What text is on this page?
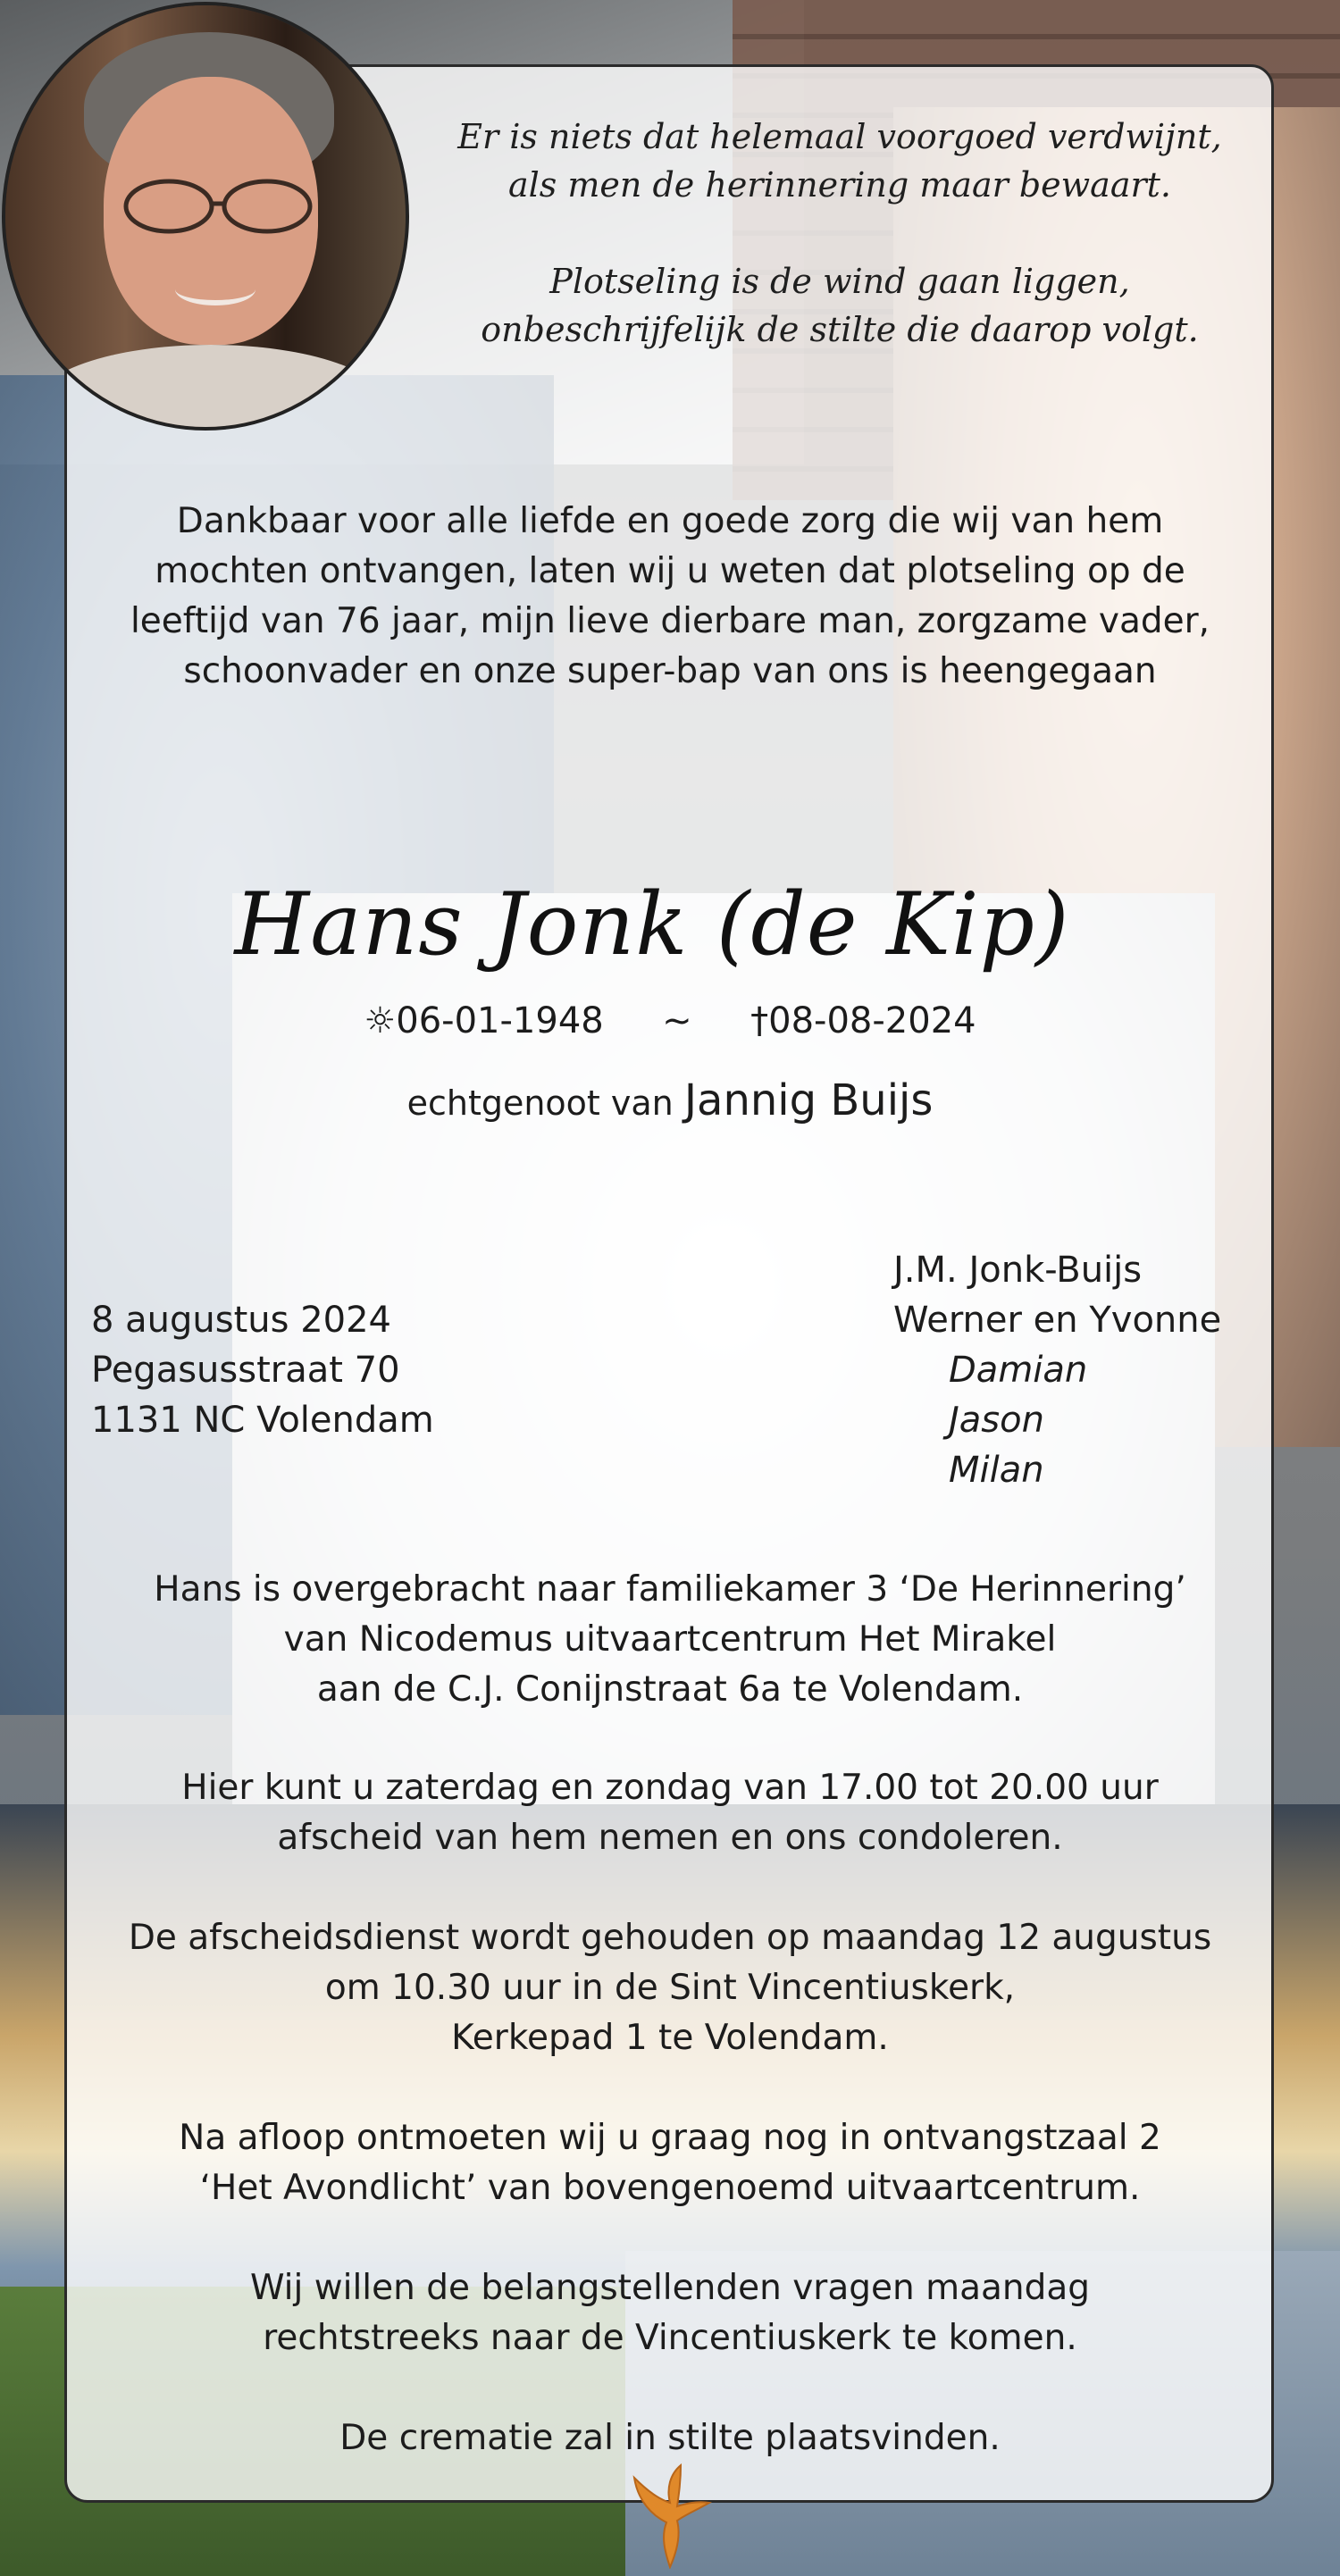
Er is niets dat helemaal voorgoed verdwijnt,
als men de herinnering maar bewaart.

Plotseling is de wind gaan liggen,
onbeschrijfelijk de stilte die daarop volgt.
Dankbaar voor alle liefde en goede zorg die wij van hem
mochten ontvangen, laten wij u weten dat plotseling op de
leeftijd van 76 jaar, mijn lieve dierbare man, zorgzame vader,
schoonvader en onze super-bap van ons is heengegaan
Hans Jonk (de Kip)
☼06-01-1948 ~ †08-08-2024
echtgenoot van Jannig Buijs
8 augustus 2024
Pegasusstraat 70
1131 NC Volendam
J.M. Jonk-Buijs
Werner en Yvonne
Damian
Jason
Milan
Hans is overgebracht naar familiekamer 3 ‘De Herinnering’
van Nicodemus uitvaartcentrum Het Mirakel
aan de C.J. Conijnstraat 6a te Volendam.
Hier kunt u zaterdag en zondag van 17.00 tot 20.00 uur
afscheid van hem nemen en ons condoleren.
De afscheidsdienst wordt gehouden op maandag 12 augustus
om 10.30 uur in de Sint Vincentiuskerk,
Kerkepad 1 te Volendam.
Na afloop ontmoeten wij u graag nog in ontvangstzaal 2
‘Het Avondlicht’ van bovengenoemd uitvaartcentrum.
Wij willen de belangstellenden vragen maandag
rechtstreeks naar de Vincentiuskerk te komen.
De crematie zal in stilte plaatsvinden.
